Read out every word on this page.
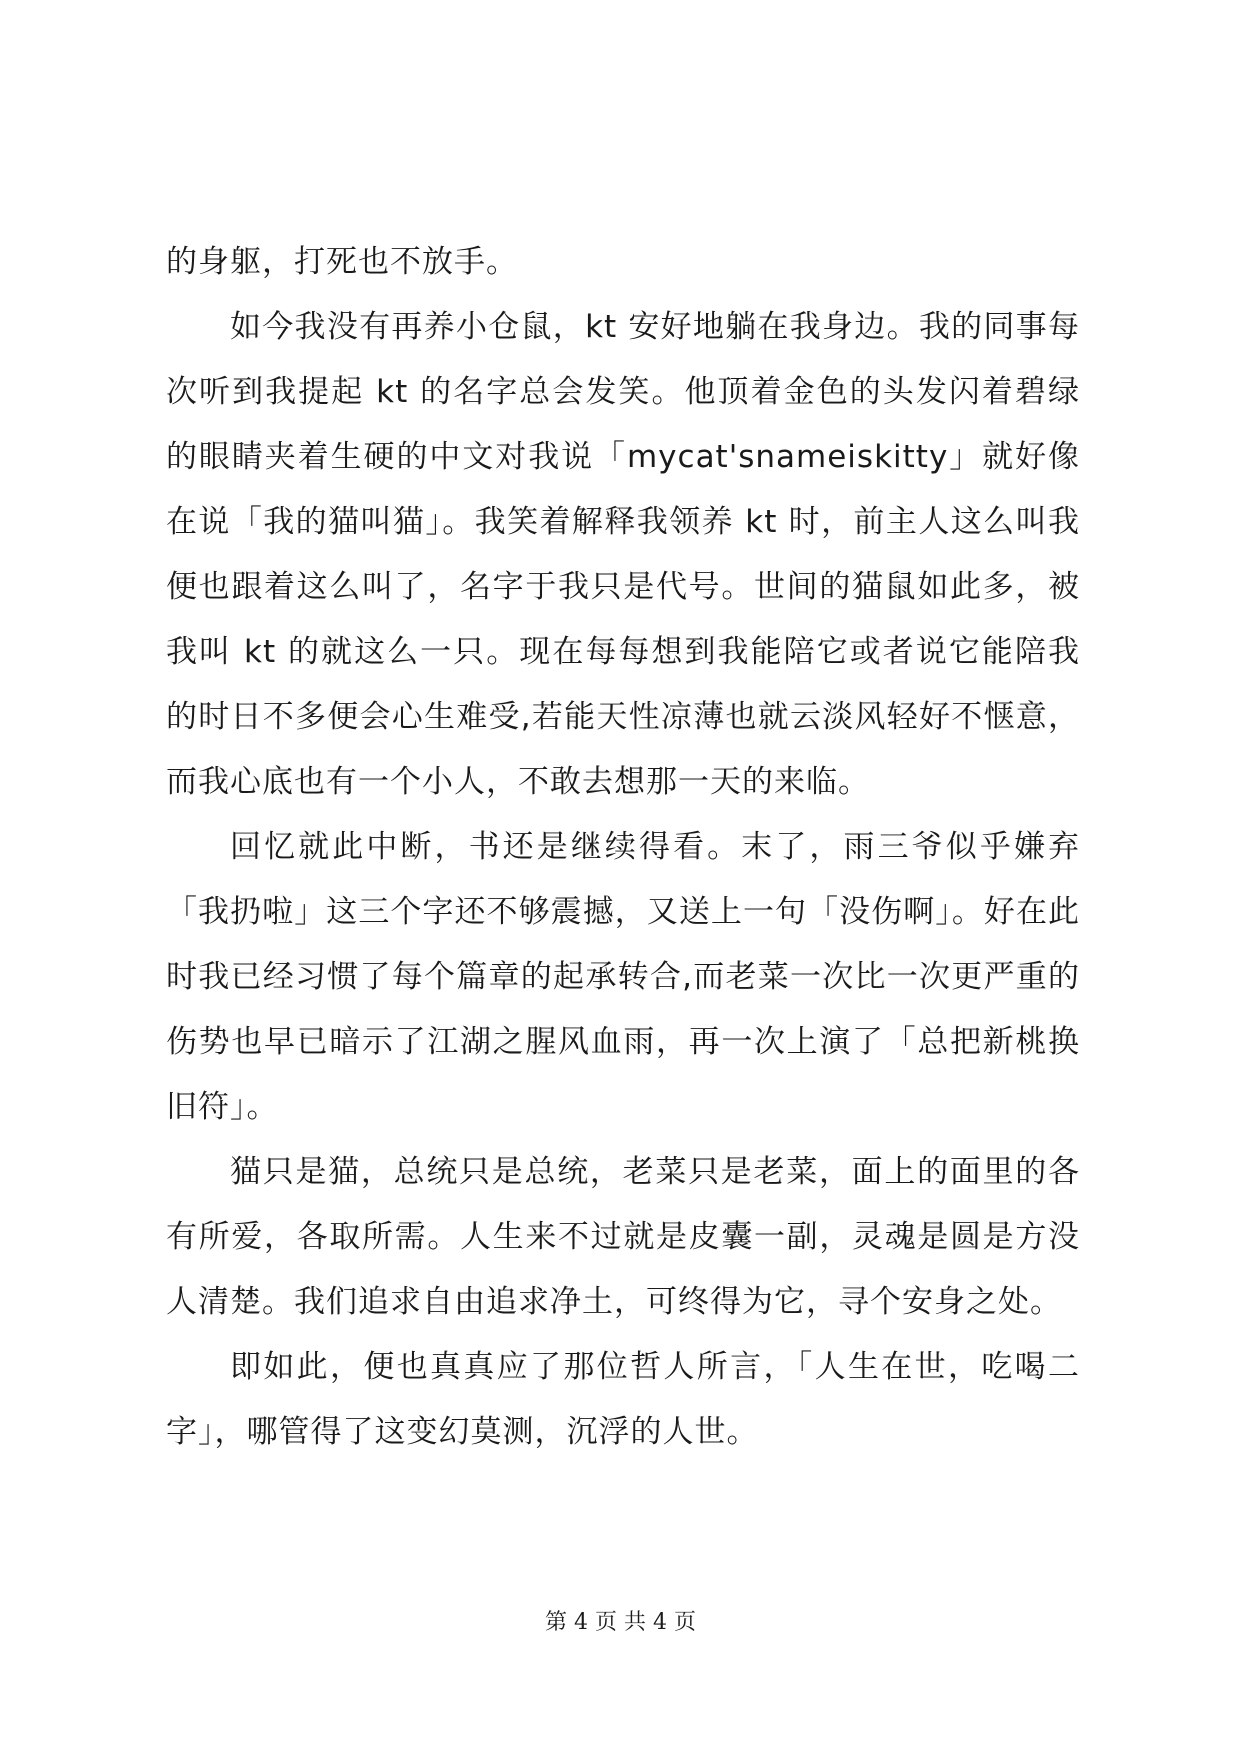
的身躯，打死也不放手。

如今我没有再养小仓鼠，kt 安好地躺在我身边。我的同事每次听到我提起 kt 的名字总会发笑。他顶着金色的头发闪着碧绿的眼睛夹着生硬的中文对我说「mycat'snameiskitty」就好像在说「我的猫叫猫」。我笑着解释我领养 kt 时，前主人这么叫我便也跟着这么叫了，名字于我只是代号。世间的猫鼠如此多，被我叫 kt 的就这么一只。现在每每想到我能陪它或者说它能陪我的时日不多便会心生难受,若能天性凉薄也就云淡风轻好不惬意，而我心底也有一个小人，不敢去想那一天的来临。

回忆就此中断，书还是继续得看。末了，雨三爷似乎嫌弃「我扔啦」这三个字还不够震撼，又送上一句「没伤啊」。好在此时我已经习惯了每个篇章的起承转合,而老菜一次比一次更严重的伤势也早已暗示了江湖之腥风血雨，再一次上演了「总把新桃换旧符」。

猫只是猫，总统只是总统，老菜只是老菜，面上的面里的各有所爱，各取所需。人生来不过就是皮囊一副，灵魂是圆是方没人清楚。我们追求自由追求净土，可终得为它，寻个安身之处。

即如此，便也真真应了那位哲人所言，「人生在世，吃喝二字」，哪管得了这变幻莫测，沉浮的人世。

第 4 页 共 4 页
